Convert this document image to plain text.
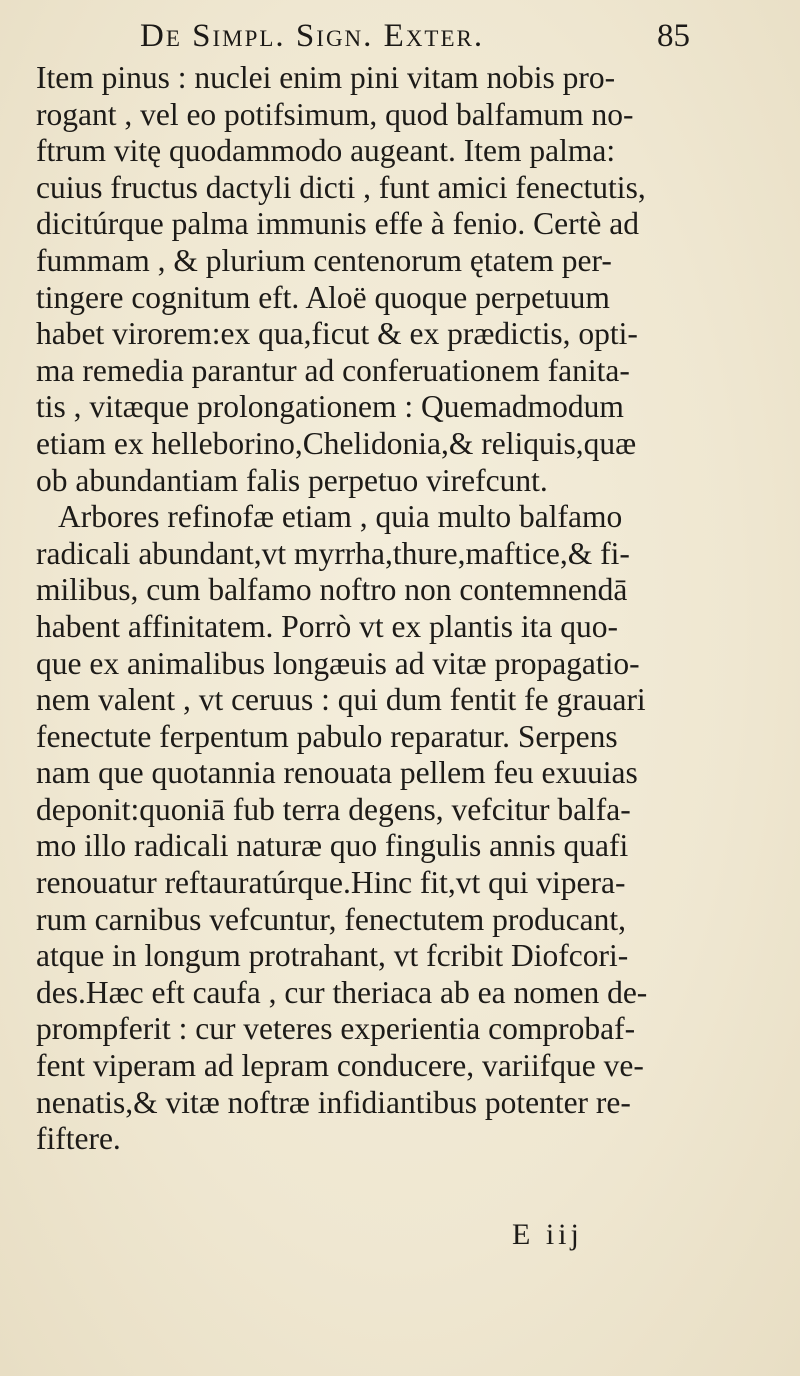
De Simpl. Sign. Exter.	85
Item pinus : nuclei enim pini vitam nobis pro-
rogant , vel eo potifsimum, quod balfamum no-
ftrum vitę quodammodo augeant. Item palma:
cuius fructus dactyli dicti , funt amici fenectutis,
dicitúrque palma immunis effe à fenio. Certè ad
fummam , & plurium centenorum ętatem per-
tingere cognitum eft. Aloë quoque perpetuum
habet virorem:ex qua,ficut & ex prædictis, opti-
ma remedia parantur ad conferuationem fanita-
tis , vitæque prolongationem : Quemadmodum
etiam ex helleborino,Chelidonia,& reliquis,quæ
ob abundantiam falis perpetuo virefcunt.
Arbores refinofæ etiam , quia multo balfamo
radicali abundant,vt myrrha,thure,maftice,& fi-
milibus, cum balfamo noftro non contemnendā
habent affinitatem. Porrò vt ex plantis ita quo-
que ex animalibus longæuis ad vitæ propagatio-
nem valent , vt ceruus : qui dum fentit fe grauari
fenectute ferpentum pabulo reparatur. Serpens
nam que quotannia renouata pellem feu exuuias
deponit:quoniā fub terra degens, vefcitur balfa-
mo illo radicali naturæ quo fingulis annis quafi
renouatur reftauratúrque.Hinc fit,vt qui vipera-
rum carnibus vefcuntur, fenectutem producant,
atque in longum protrahant, vt fcribit Diofcori-
des.Hæc eft caufa , cur theriaca ab ea nomen de-
prompferit : cur veteres experientia comprobaf-
fent viperam ad lepram conducere, variifque ve-
nenatis,& vitæ noftræ infidiantibus potenter re-
fiftere.
E iij
